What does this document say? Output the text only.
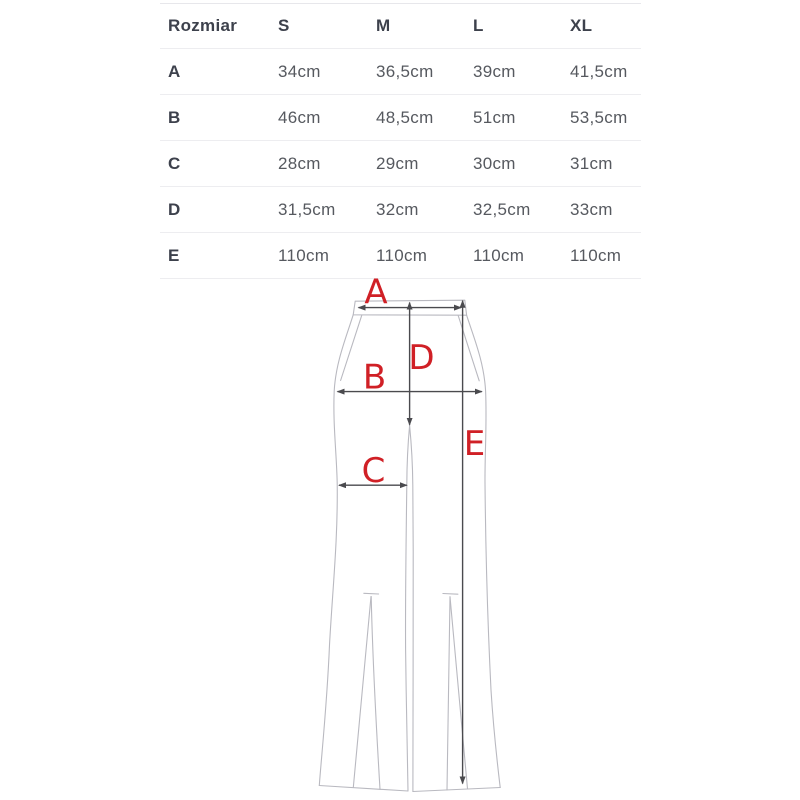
Rozmiar	S	M	L	XL
A	34cm	36,5cm	39cm	41,5cm
B	46cm	48,5cm	51cm	53,5cm
C	28cm	29cm	30cm	31cm
D	31,5cm	32cm	32,5cm	33cm
E	110cm	110cm	110cm	110cm
A
B
C
D
E
